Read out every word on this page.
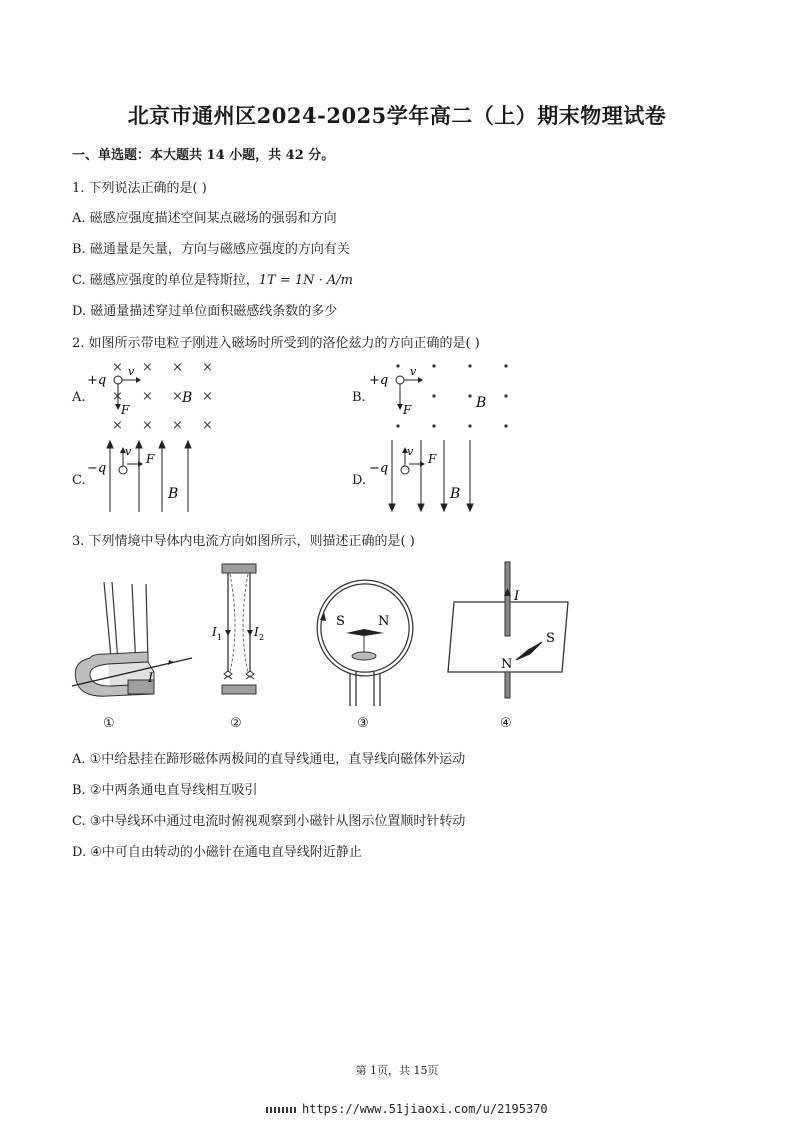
北京市通州区2024-2025学年高二（上）期末物理试卷
一、单选题：本大题共 14 小题，共 42 分。
1. 下列说法正确的是( )
A. 磁感应强度描述空间某点磁场的强弱和方向
B. 磁通量是矢量，方向与磁感应强度的方向有关
C. 磁感应强度的单位是特斯拉，1T = 1N · A/m
D. 磁通量描述穿过单位面积磁感线条数的多少
2. 如图所示带电粒子刚进入磁场时所受到的洛伦兹力的方向正确的是( )
A.
× × × ×
× × ×
× × × ×
×
+q
v
F
B	B.
+q
v
F	B
C.
−q
v
F
B
D.
−q
v
F
B
3. 下列情境中导体内电流方向如图所示，则描述正确的是( )
I
I 1	I 2
S	N
I
S
N
①	②	③	④
A. ①中给悬挂在蹄形磁体两极间的直导线通电，直导线向磁体外运动
B. ②中两条通电直导线相互吸引
C. ③中导线环中通过电流时俯视观察到小磁针从图示位置顺时针转动
D. ④中可自由转动的小磁针在通电直导线附近静止
第 1页，共 15页
https://www.51jiaoxi.com/u/2195370
